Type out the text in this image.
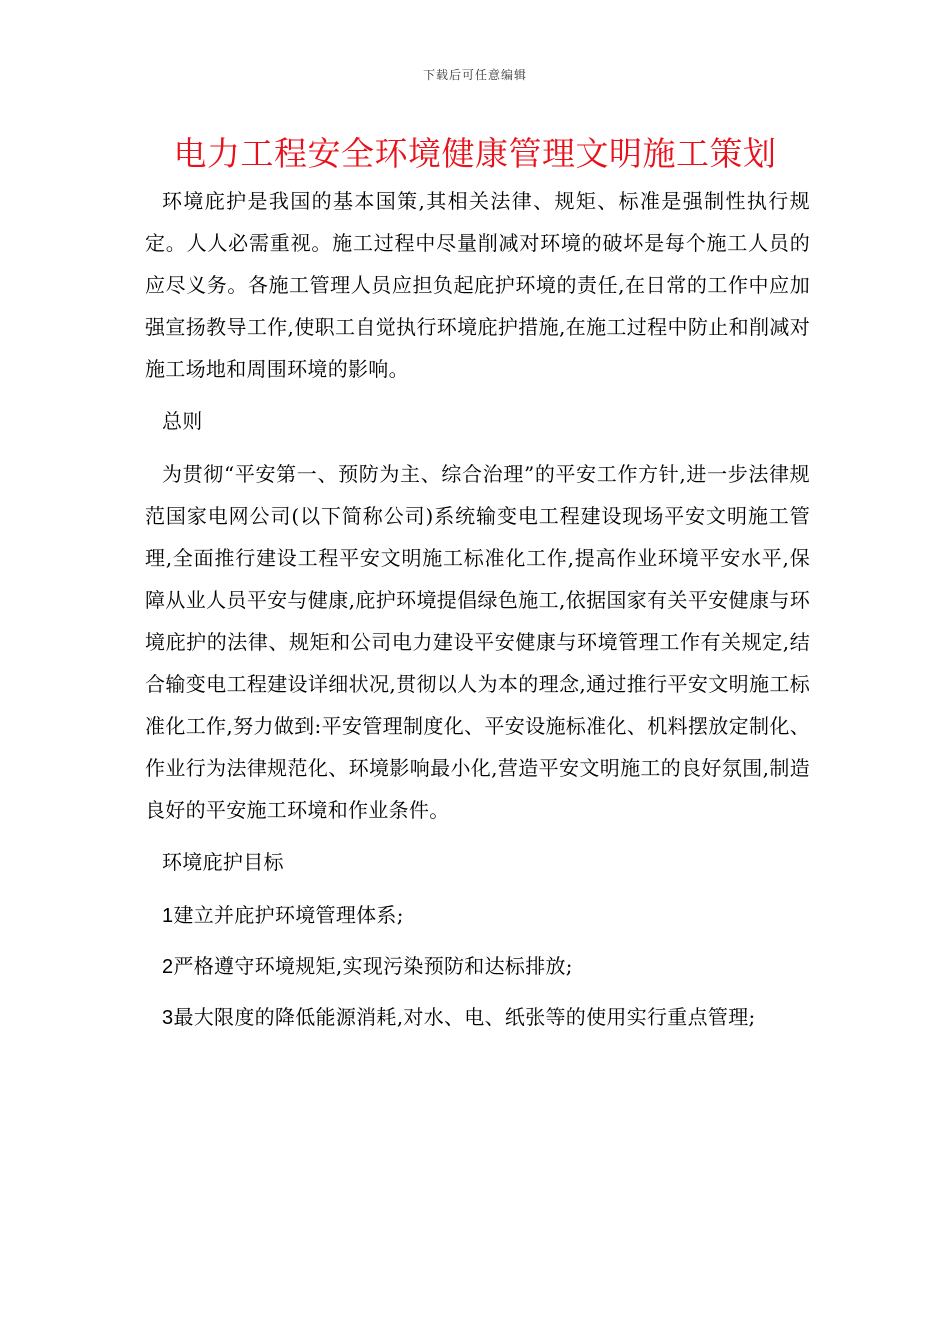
下载后可任意编辑
电力工程安全环境健康管理文明施工策划

环境庇护是我国的基本国策,其相关法律、规矩、标准是强制性执行规定。人人必需重视。施工过程中尽量削减对环境的破坏是每个施工人员的应尽义务。各施工管理人员应担负起庇护环境的责任,在日常的工作中应加强宣扬教导工作,使职工自觉执行环境庇护措施,在施工过程中防止和削减对施工场地和周围环境的影响。

总则

为贯彻“平安第一、预防为主、综合治理”的平安工作方针,进一步法律规范国家电网公司(以下简称公司)系统输变电工程建设现场平安文明施工管理,全面推行建设工程平安文明施工标准化工作,提高作业环境平安水平,保障从业人员平安与健康,庇护环境提倡绿色施工,依据国家有关平安健康与环境庇护的法律、规矩和公司电力建设平安健康与环境管理工作有关规定,结合输变电工程建设详细状况,贯彻以人为本的理念,通过推行平安文明施工标准化工作,努力做到:平安管理制度化、平安设施标准化、机料摆放定制化、作业行为法律规范化、环境影响最小化,营造平安文明施工的良好氛围,制造良好的平安施工环境和作业条件。

环境庇护目标

1建立并庇护环境管理体系;

2严格遵守环境规矩,实现污染预防和达标排放;

3最大限度的降低能源消耗,对水、电、纸张等的使用实行重点管理;
